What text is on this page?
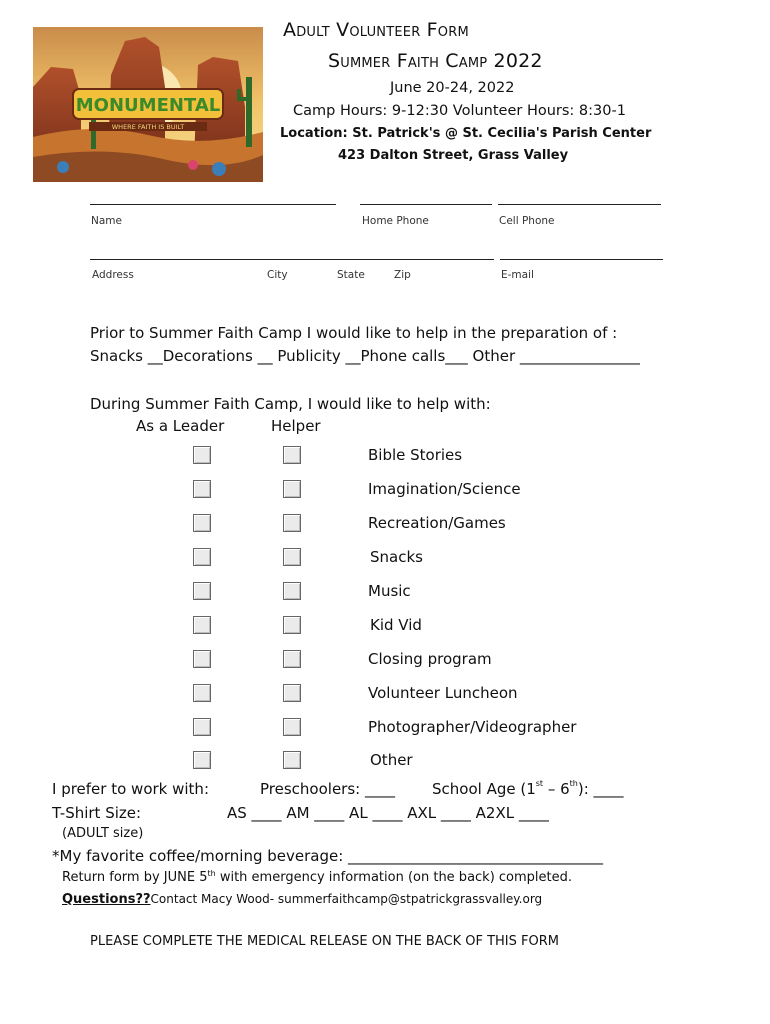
MONUMENTAL
WHERE FAITH IS BUILT
Adult Volunteer Form
Summer Faith Camp 2022
June 20-24, 2022
Camp Hours: 9-12:30 Volunteer Hours: 8:30-1
Location: St. Patrick's @ St. Cecilia's Parish Center
423 Dalton Street, Grass Valley
Name	Home Phone	Cell Phone
Address	City	State	Zip	E-mail
Prior to Summer Faith Camp I would like to help in the preparation of :
Snacks __Decorations __ Publicity __Phone calls___ Other ________________
During Summer Faith Camp, I would like to help with:
As a Leader	Helper
Bible Stories
Imagination/Science
Recreation/Games
Snacks
Music
Kid Vid
Closing program
Volunteer Luncheon
Photographer/Videographer
Other
I prefer to work with:	Preschoolers: ____ School Age (1st – 6th): ____
T-Shirt Size:	AS ____ AM ____ AL ____ AXL ____ A2XL ____
(ADULT size)
*My favorite coffee/morning beverage: __________________________________
Return form by JUNE 5th with emergency information (on the back) completed.
Questions??Contact Macy Wood- summerfaithcamp@stpatrickgrassvalley.org
PLEASE COMPLETE THE MEDICAL RELEASE ON THE BACK OF THIS FORM
